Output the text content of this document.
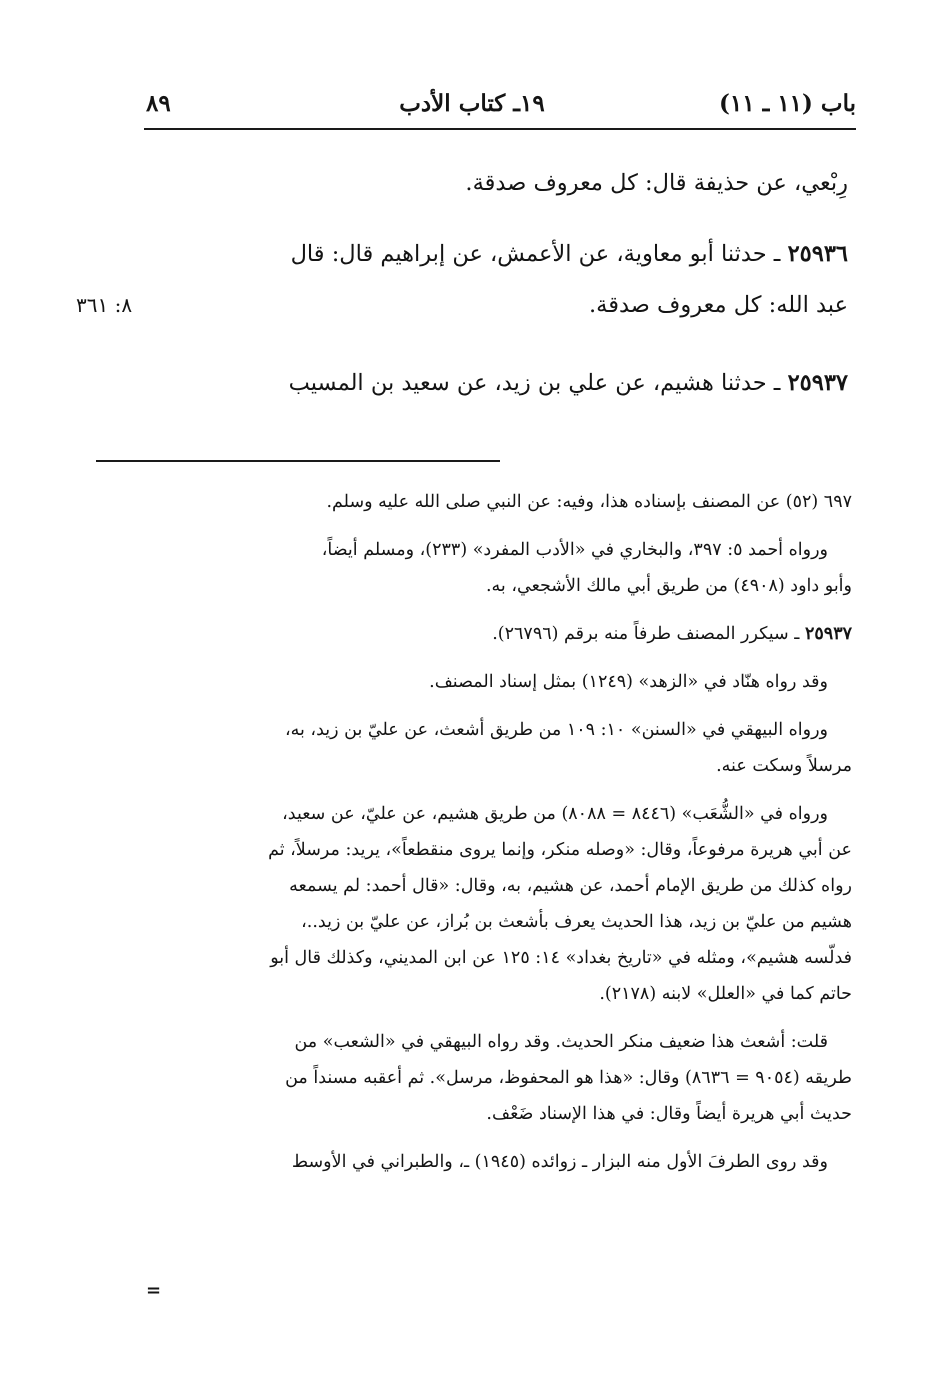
باب (١١ ـ ١١)
١٩ـ كتاب الأدب
٨٩
رِبْعي، عن حذيفة قال: كل معروف صدقة.
٢٥٩٣٦ ـ حدثنا أبو معاوية، عن الأعمش، عن إبراهيم قال: قال
عبد الله: كل معروف صدقة.
٨: ٣٦١
٢٥٩٣٧ ـ حدثنا هشيم، عن علي بن زيد، عن سعيد بن المسيب
٦٩٧ (٥٢) عن المصنف بإسناده هذا، وفيه: عن النبي صلى الله عليه وسلم.
ورواه أحمد ٥: ٣٩٧، والبخاري في «الأدب المفرد» (٢٣٣)، ومسلم أيضاً،
وأبو داود (٤٩٠٨) من طريق أبي مالك الأشجعي، به.
٢٥٩٣٧ ـ سيكرر المصنف طرفاً منه برقم (٢٦٧٩٦).
وقد رواه هنّاد في «الزهد» (١٢٤٩) بمثل إسناد المصنف.
ورواه البيهقي في «السنن» ١٠: ١٠٩ من طريق أشعث، عن عليّ بن زيد، به،
مرسلاً وسكت عنه.
ورواه في «الشُّعَب» (٨٤٤٦ = ٨٠٨٨) من طريق هشيم، عن عليّ، عن سعيد،
عن أبي هريرة مرفوعاً، وقال: «وصله منكر، وإنما يروى منقطعاً»، يريد: مرسلاً، ثم
رواه كذلك من طريق الإمام أحمد، عن هشيم، به، وقال: «قال أحمد: لم يسمعه
هشيم من عليّ بن زيد، هذا الحديث يعرف بأشعث بن بُراز، عن عليّ بن زيد..،
فدلّسه هشيم»، ومثله في «تاريخ بغداد» ١٤: ١٢٥ عن ابن المديني، وكذلك قال أبو
حاتم كما في «العلل» لابنه (٢١٧٨).
قلت: أشعث هذا ضعيف منكر الحديث. وقد رواه البيهقي في «الشعب» من
طريقه (٩٠٥٤ = ٨٦٣٦) وقال: «هذا هو المحفوظ، مرسل». ثم أعقبه مسنداً من
حديث أبي هريرة أيضاً وقال: في هذا الإسناد ضَعْف.
وقد روى الطرفَ الأول منه البزار ـ زوائده (١٩٤٥) ـ، والطبراني في الأوسط
=
